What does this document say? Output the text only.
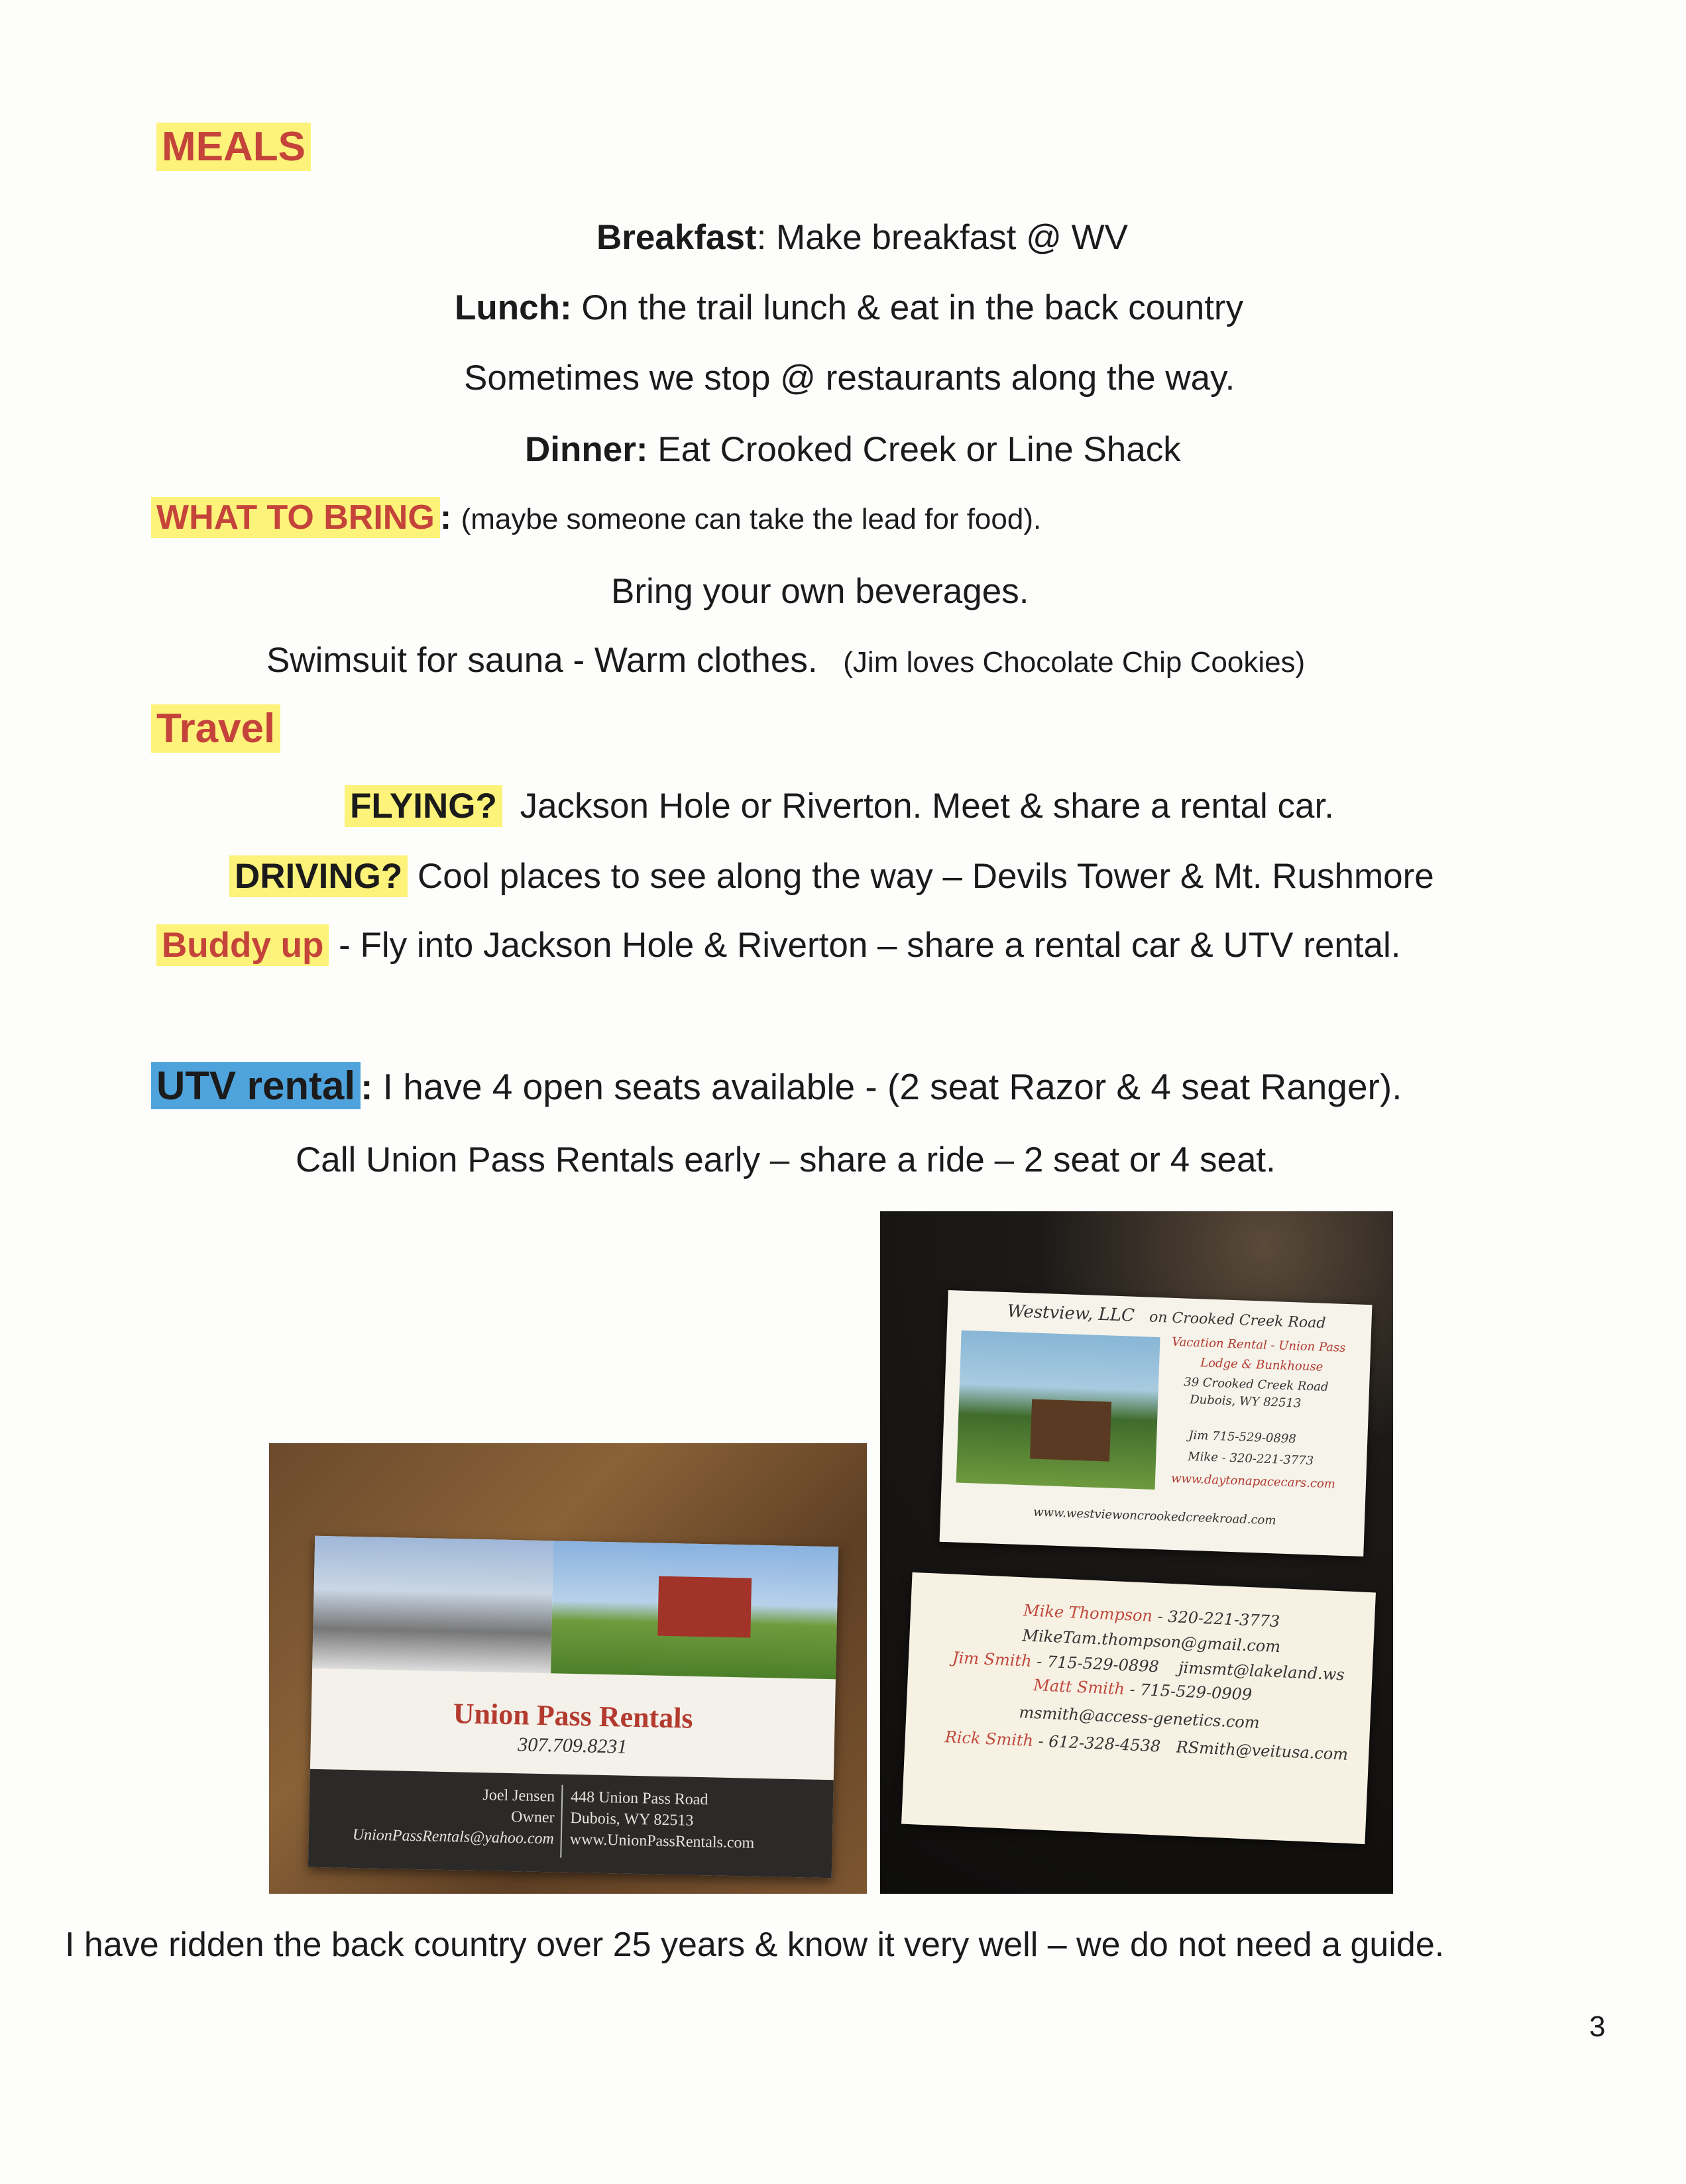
MEALS
Breakfast: Make breakfast @ WV
Lunch: On the trail lunch & eat in the back country
Sometimes we stop @ restaurants along the way.
Dinner: Eat Crooked Creek or Line Shack
WHAT TO BRING : (maybe someone can take the lead for food).
Bring your own beverages.
Swimsuit for sauna - Warm clothes. (Jim loves Chocolate Chip Cookies)
Travel
FLYING? Jackson Hole or Riverton. Meet & share a rental car.
DRIVING? Cool places to see along the way – Devils Tower & Mt. Rushmore
Buddy up - Fly into Jackson Hole & Riverton – share a rental car & UTV rental.
UTV rental : I have 4 open seats available - (2 seat Razor & 4 seat Ranger).
Call Union Pass Rentals early – share a ride – 2 seat or 4 seat.
Union Pass Rentals
307.709.8231
Joel Jensen
Owner
UnionPassRentals@yahoo.com
448 Union Pass Road
Dubois, WY 82513
www.UnionPassRentals.com
Westview, LLC on Crooked Creek Road
Vacation Rental - Union Pass
Lodge & Bunkhouse
39 Crooked Creek Road
Dubois, WY 82513
Jim 715-529-0898
Mike - 320-221-3773
www.daytonapacecars.com
www.westviewoncrookedcreekroad.com
Mike Thompson - 320-221-3773
MikeTam.thompson@gmail.com
Jim Smith - 715-529-0898 jimsmt@lakeland.ws
Matt Smith - 715-529-0909
msmith@access-genetics.com
Rick Smith - 612-328-4538 RSmith@veitusa.com
I have ridden the back country over 25 years & know it very well – we do not need a guide.
3
